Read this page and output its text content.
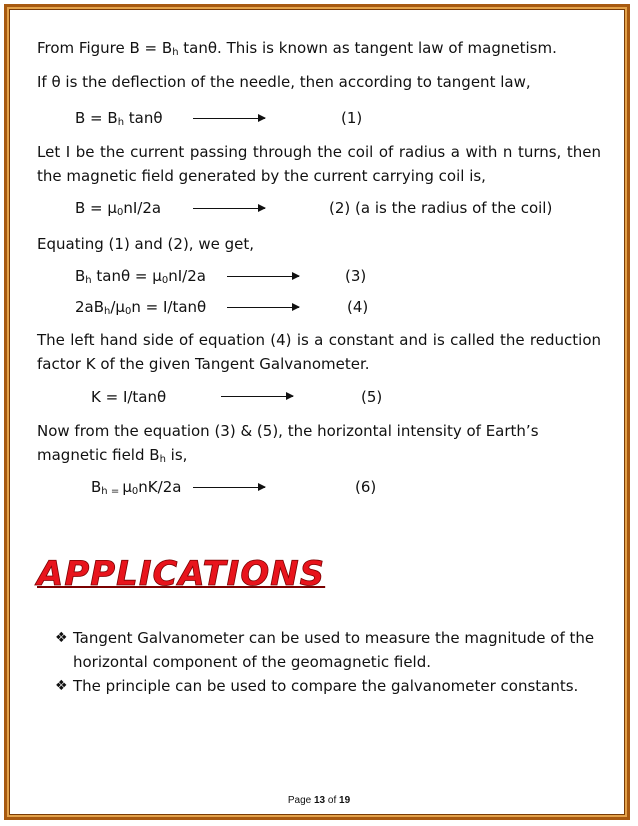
From Figure $B = B_h$ tanθ. This is known as tangent law of magnetism.
If θ is the deflection of the needle, then according to tangent law,
$B = B_h$ tanθ	(1)
Let I be the current passing through the coil of radius a with n turns, then the magnetic field generated by the current carrying coil is,
$B = \mu_0nI/2a$	(2) (a is the radius of the coil)
Equating (1) and (2), we get,
$B_h$ $\tan\theta = \mu_0nI/2a$	(3)
$2aB_h/\mu_0n = I/\tan\theta$	(4)
The left hand side of equation (4) is a constant and is called the reduction factor K of the given Tangent Galvanometer.
K = I/tanθ	(5)
Now from the equation (3) & (5), the horizontal intensity of Earth’s
magnetic field $B_h$ is,
$B_{h =}$ $\mu_0nK/2a$	(6)
APPLICATIONS
❖ Tangent Galvanometer can be used to measure the magnitude of the horizontal component of the geomagnetic field.
❖ The principle can be used to compare the galvanometer constants.
Page 13 of 19
